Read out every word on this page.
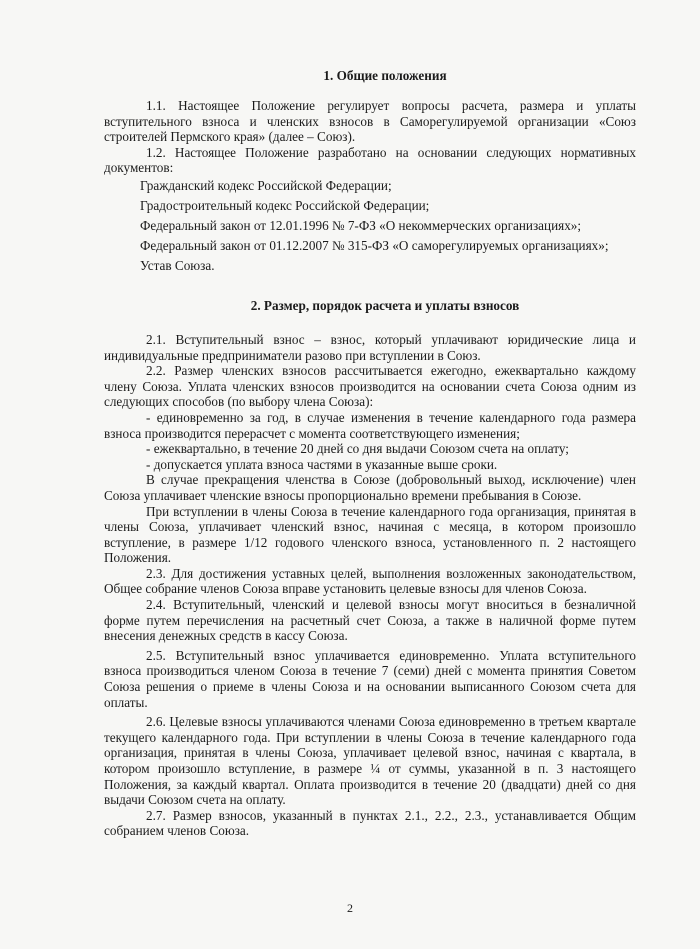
1. Общие положения

1.1. Настоящее Положение регулирует вопросы расчета, размера и уплаты вступительного взноса и членских взносов в Саморегулируемой организации «Союз строителей Пермского края» (далее – Союз).

1.2. Настоящее Положение разработано на основании следующих нормативных документов:

Гражданский кодекс Российской Федерации;
Градостроительный кодекс Российской Федерации;
Федеральный закон от 12.01.1996 № 7-ФЗ «О некоммерческих организациях»;
Федеральный закон от 01.12.2007 № 315-ФЗ «О саморегулируемых организациях»;
Устав Союза.
2. Размер, порядок расчета и уплаты взносов

2.1. Вступительный взнос – взнос, который уплачивают юридические лица и индивидуальные предприниматели разово при вступлении в Союз.

2.2. Размер членских взносов рассчитывается ежегодно, ежеквартально каждому члену Союза. Уплата членских взносов производится на основании счета Союза одним из следующих способов (по выбору члена Союза):

- единовременно за год, в случае изменения в течение календарного года размера взноса производится перерасчет с момента соответствующего изменения;

- ежеквартально, в течение 20 дней со дня выдачи Союзом счета на оплату;

- допускается уплата взноса частями в указанные выше сроки.

В случае прекращения членства в Союзе (добровольный выход, исключение) член Союза уплачивает членские взносы пропорционально времени пребывания в Союзе.

При вступлении в члены Союза в течение календарного года организация, принятая в члены Союза, уплачивает членский взнос, начиная с месяца, в котором произошло вступление, в размере 1/12 годового членского взноса, установленного п. 2 настоящего Положения.

2.3. Для достижения уставных целей, выполнения возложенных законодательством, Общее собрание членов Союза вправе установить целевые взносы для членов Союза.

2.4. Вступительный, членский и целевой взносы могут вноситься в безналичной форме путем перечисления на расчетный счет Союза, а также в наличной форме путем внесения денежных средств в кассу Союза.

2.5. Вступительный взнос уплачивается единовременно. Уплата вступительного взноса производиться членом Союза в течение 7 (семи) дней с момента принятия Советом Союза решения о приеме в члены Союза и на основании выписанного Союзом счета для оплаты.

2.6. Целевые взносы уплачиваются членами Союза единовременно в третьем квартале текущего календарного года. При вступлении в члены Союза в течение календарного года организация, принятая в члены Союза, уплачивает целевой взнос, начиная с квартала, в котором произошло вступление, в размере ¼ от суммы, указанной в п. 3 настоящего Положения, за каждый квартал. Оплата производится в течение 20 (двадцати) дней со дня выдачи Союзом счета на оплату.

2.7. Размер взносов, указанный в пунктах 2.1., 2.2., 2.3., устанавливается Общим собранием членов Союза.

2
